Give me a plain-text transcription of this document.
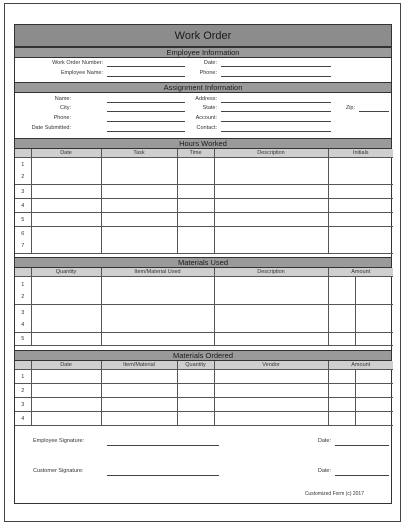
Work Order
Employee Information
Work Order Number:
Employee Name:
Date:
Phone:
Assignment Information
Name:
City:
Phone:
Date Submitted:
Address:
State:
Account:
Contact:
Zip:
Hours Worked
	Date	Task	Time	Description	Initials

1
2					

3					
4					
5					

6
7					

Materials Used
	Quantity	Item/Material Used	Description	Amount	

1
2					

3
4					

5					
Materials Ordered
	Date	Item/Material	Quantity	Vendor	Amount	
1						
2						
3						
4						
Employee Signature:	Date:
Customer Signature:	Date:
Customized Form (c) 2017
